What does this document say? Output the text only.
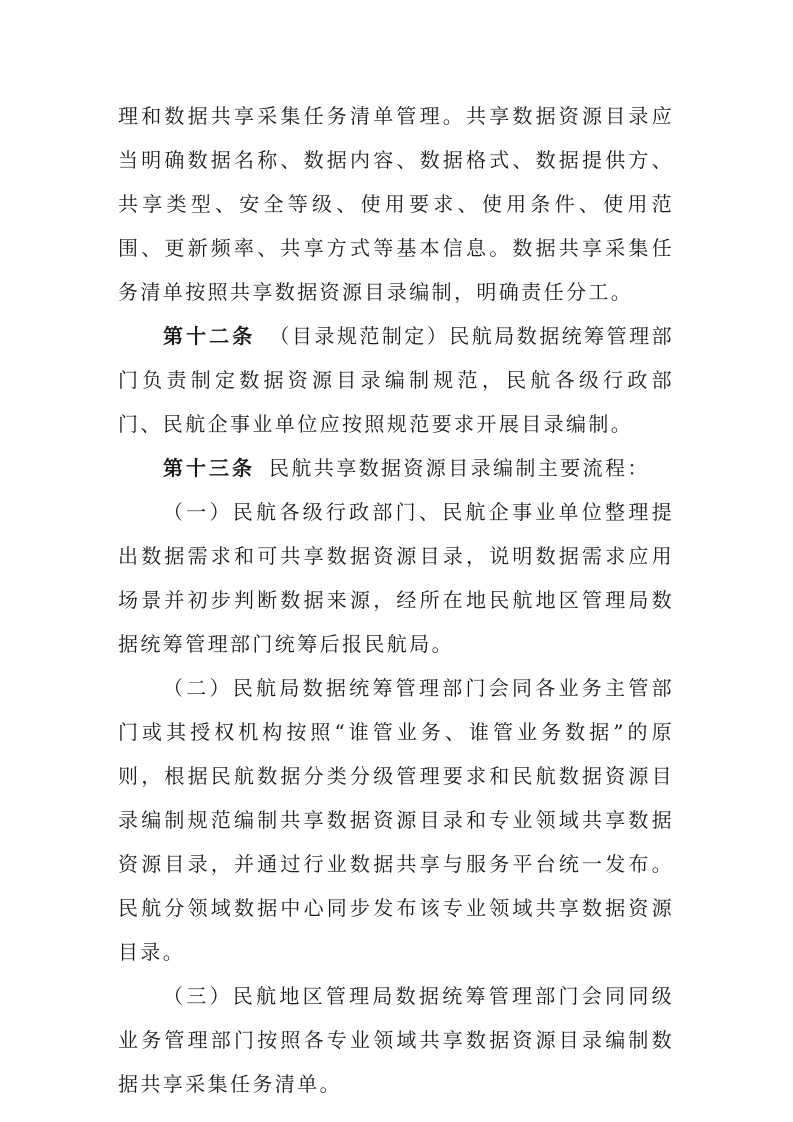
理和数据共享采集任务清单管理。共享数据资源目录应当明确数据名称、数据内容、数据格式、数据提供方、共享类型、安全等级、使用要求、使用条件、使用范围、更新频率、共享方式等基本信息。数据共享采集任务清单按照共享数据资源目录编制，明确责任分工。

第十二条 （目录规范制定）民航局数据统筹管理部门负责制定数据资源目录编制规范，民航各级行政部门、民航企事业单位应按照规范要求开展目录编制。

第十三条 民航共享数据资源目录编制主要流程：

（一）民航各级行政部门、民航企事业单位整理提出数据需求和可共享数据资源目录，说明数据需求应用场景并初步判断数据来源，经所在地民航地区管理局数据统筹管理部门统筹后报民航局。

（二）民航局数据统筹管理部门会同各业务主管部门或其授权机构按照“谁管业务、谁管业务数据”的原则，根据民航数据分类分级管理要求和民航数据资源目录编制规范编制共享数据资源目录和专业领域共享数据资源目录，并通过行业数据共享与服务平台统一发布。民航分领域数据中心同步发布该专业领域共享数据资源目录。

（三）民航地区管理局数据统筹管理部门会同同级业务管理部门按照各专业领域共享数据资源目录编制数据共享采集任务清单。
